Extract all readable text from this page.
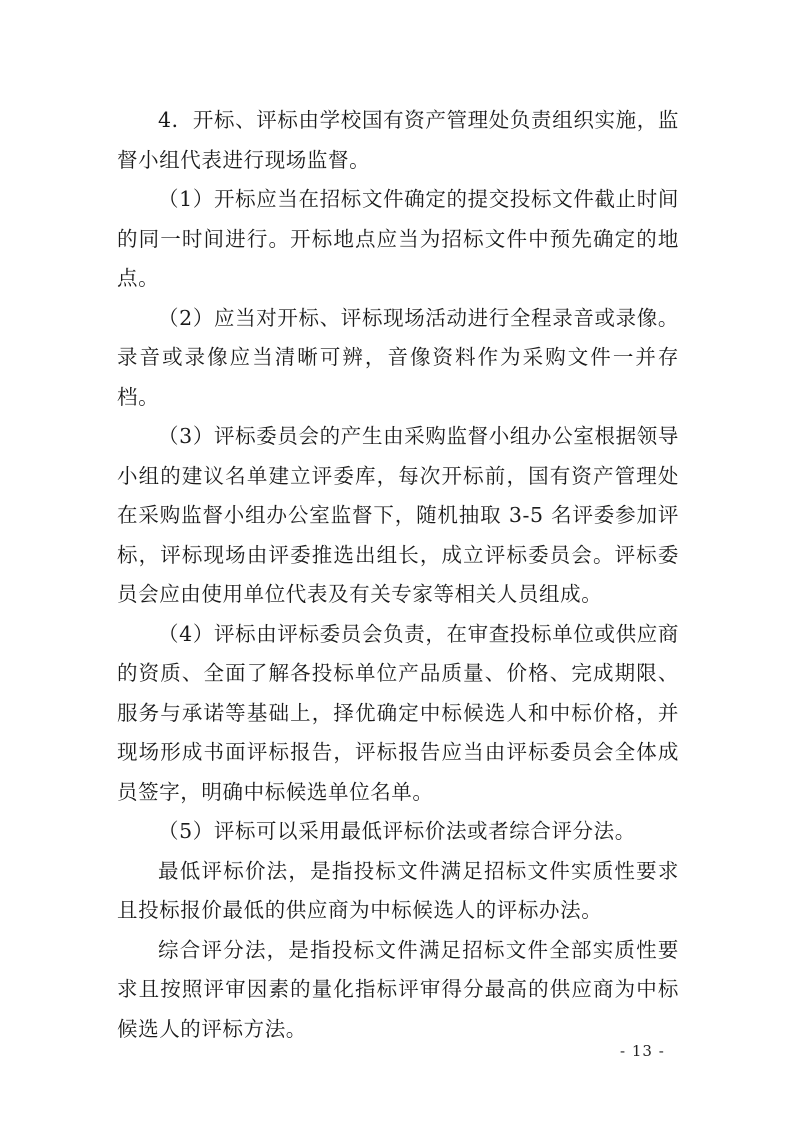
4．开标、评标由学校国有资产管理处负责组织实施，监督小组代表进行现场监督。

（1）开标应当在招标文件确定的提交投标文件截止时间的同一时间进行。开标地点应当为招标文件中预先确定的地点。

（2）应当对开标、评标现场活动进行全程录音或录像。录音或录像应当清晰可辨，音像资料作为采购文件一并存档。

（3）评标委员会的产生由采购监督小组办公室根据领导小组的建议名单建立评委库，每次开标前，国有资产管理处在采购监督小组办公室监督下，随机抽取 3-5 名评委参加评标，评标现场由评委推选出组长，成立评标委员会。评标委员会应由使用单位代表及有关专家等相关人员组成。

（4）评标由评标委员会负责，在审查投标单位或供应商的资质、全面了解各投标单位产品质量、价格、完成期限、服务与承诺等基础上，择优确定中标候选人和中标价格，并现场形成书面评标报告，评标报告应当由评标委员会全体成员签字，明确中标候选单位名单。

（5）评标可以采用最低评标价法或者综合评分法。

最低评标价法，是指投标文件满足招标文件实质性要求且投标报价最低的供应商为中标候选人的评标办法。

综合评分法，是指投标文件满足招标文件全部实质性要求且按照评审因素的量化指标评审得分最高的供应商为中标候选人的评标方法。

- 13 -
